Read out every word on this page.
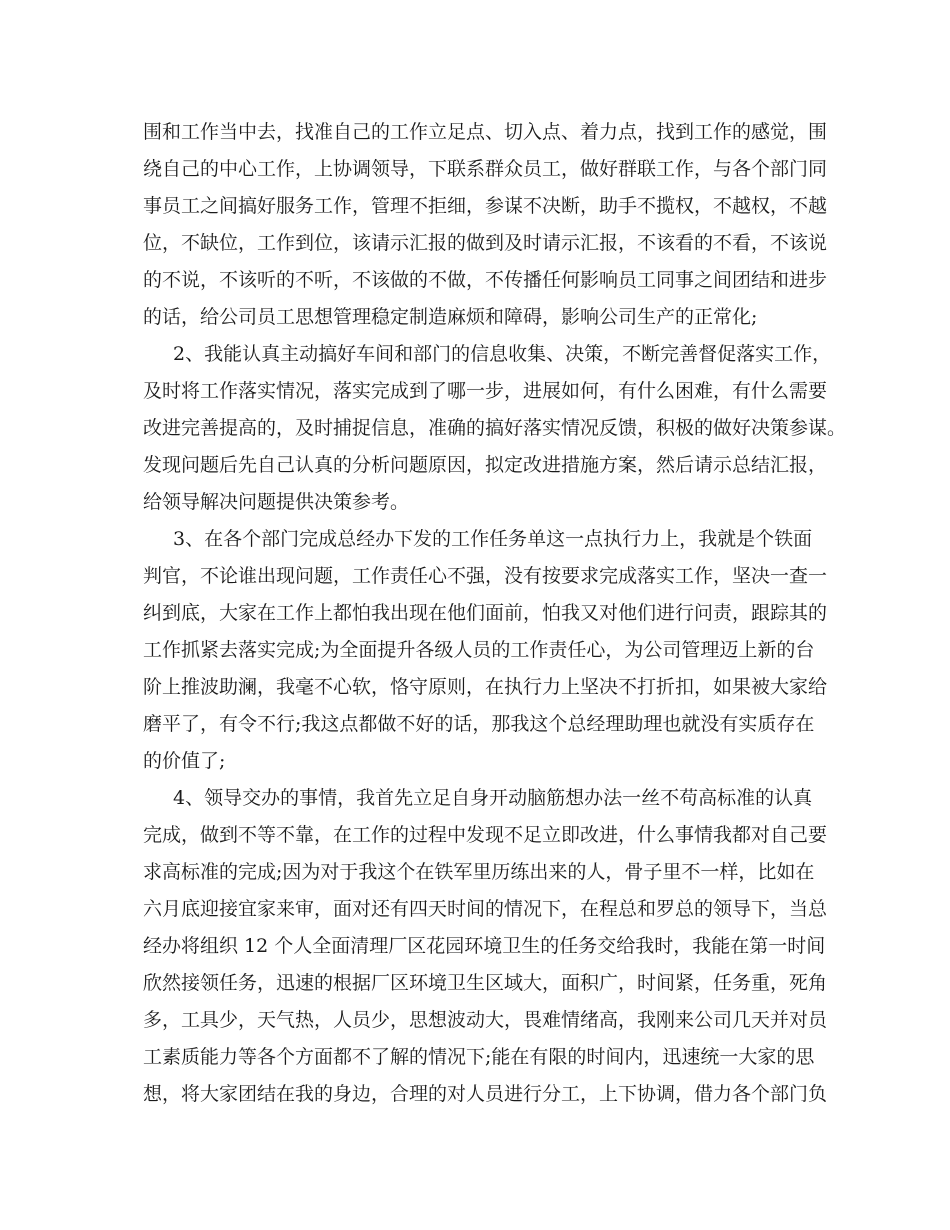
围和工作当中去，找准自己的工作立足点、切入点、着力点，找到工作的感觉，围
绕自己的中心工作，上协调领导，下联系群众员工，做好群联工作，与各个部门同
事员工之间搞好服务工作，管理不拒细，参谋不决断，助手不揽权，不越权，不越
位，不缺位，工作到位，该请示汇报的做到及时请示汇报，不该看的不看，不该说
的不说，不该听的不听，不该做的不做，不传播任何影响员工同事之间团结和进步
的话，给公司员工思想管理稳定制造麻烦和障碍，影响公司生产的正常化;
2、我能认真主动搞好车间和部门的信息收集、决策，不断完善督促落实工作，
及时将工作落实情况，落实完成到了哪一步，进展如何，有什么困难，有什么需要
改进完善提高的，及时捕捉信息，准确的搞好落实情况反馈，积极的做好决策参谋。
发现问题后先自己认真的分析问题原因，拟定改进措施方案，然后请示总结汇报，
给领导解决问题提供决策参考。
3、在各个部门完成总经办下发的工作任务单这一点执行力上，我就是个铁面
判官，不论谁出现问题，工作责任心不强，没有按要求完成落实工作，坚决一查一
纠到底，大家在工作上都怕我出现在他们面前，怕我又对他们进行问责，跟踪其的
工作抓紧去落实完成;为全面提升各级人员的工作责任心，为公司管理迈上新的台
阶上推波助澜，我毫不心软，恪守原则，在执行力上坚决不打折扣，如果被大家给
磨平了，有令不行;我这点都做不好的话，那我这个总经理助理也就没有实质存在
的价值了;
4、领导交办的事情，我首先立足自身开动脑筋想办法一丝不苟高标准的认真
完成，做到不等不靠，在工作的过程中发现不足立即改进，什么事情我都对自己要
求高标准的完成;因为对于我这个在铁军里历练出来的人，骨子里不一样，比如在
六月底迎接宜家来审，面对还有四天时间的情况下，在程总和罗总的领导下，当总
经办将组织 12 个人全面清理厂区花园环境卫生的任务交给我时，我能在第一时间
欣然接领任务，迅速的根据厂区环境卫生区域大，面积广，时间紧，任务重，死角
多，工具少，天气热，人员少，思想波动大，畏难情绪高，我刚来公司几天并对员
工素质能力等各个方面都不了解的情况下;能在有限的时间内，迅速统一大家的思
想，将大家团结在我的身边，合理的对人员进行分工，上下协调，借力各个部门负
